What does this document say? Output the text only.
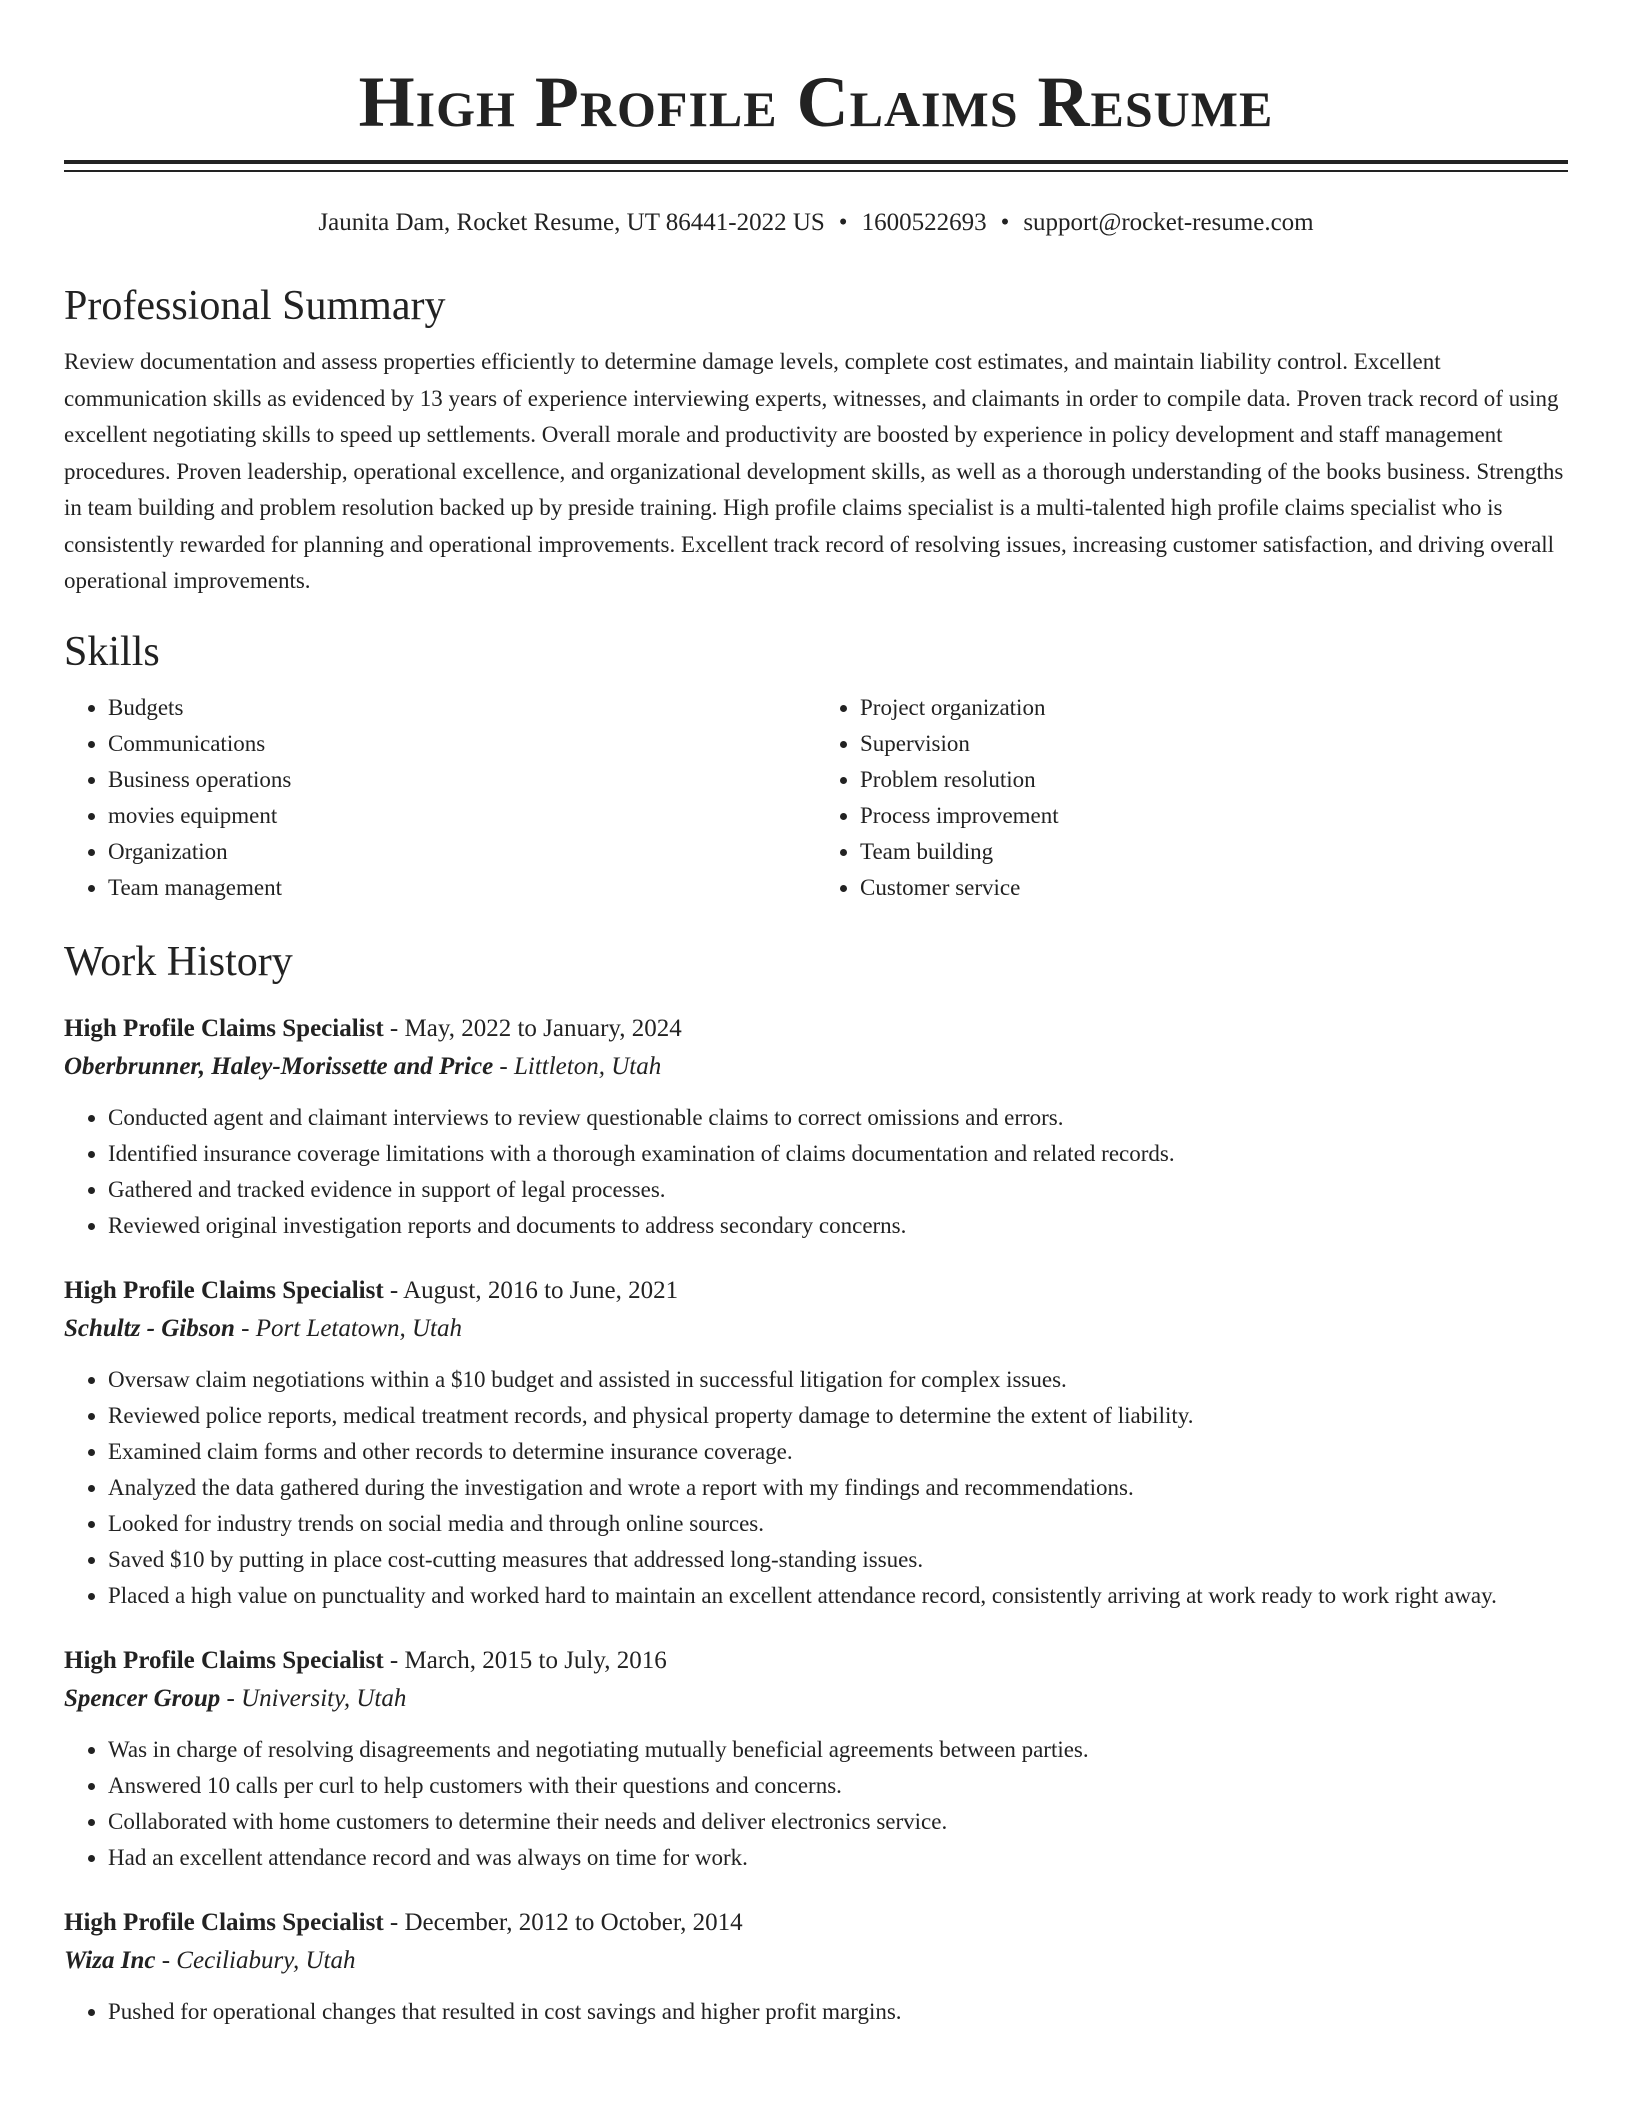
High Profile Claims Resume
Jaunita Dam, Rocket Resume, UT 86441-2022 US • 1600522693 • support@rocket-resume.com
Professional Summary
Review documentation and assess properties efficiently to determine damage levels, complete cost estimates, and maintain liability control. Excellent communication skills as evidenced by 13 years of experience interviewing experts, witnesses, and claimants in order to compile data. Proven track record of using excellent negotiating skills to speed up settlements. Overall morale and productivity are boosted by experience in policy development and staff management procedures. Proven leadership, operational excellence, and organizational development skills, as well as a thorough understanding of the books business. Strengths in team building and problem resolution backed up by preside training. High profile claims specialist is a multi-talented high profile claims specialist who is consistently rewarded for planning and operational improvements. Excellent track record of resolving issues, increasing customer satisfaction, and driving overall operational improvements.
Skills
• Budgets
• Communications
• Business operations
• movies equipment
• Organization
• Team management
• Project organization
• Supervision
• Problem resolution
• Process improvement
• Team building
• Customer service
Work History
High Profile Claims Specialist - May, 2022 to January, 2024
Oberbrunner, Haley-Morissette and Price - Littleton, Utah
• Conducted agent and claimant interviews to review questionable claims to correct omissions and errors.
• Identified insurance coverage limitations with a thorough examination of claims documentation and related records.
• Gathered and tracked evidence in support of legal processes.
• Reviewed original investigation reports and documents to address secondary concerns.
High Profile Claims Specialist - August, 2016 to June, 2021
Schultz - Gibson - Port Letatown, Utah
• Oversaw claim negotiations within a $10 budget and assisted in successful litigation for complex issues.
• Reviewed police reports, medical treatment records, and physical property damage to determine the extent of liability.
• Examined claim forms and other records to determine insurance coverage.
• Analyzed the data gathered during the investigation and wrote a report with my findings and recommendations.
• Looked for industry trends on social media and through online sources.
• Saved $10 by putting in place cost-cutting measures that addressed long-standing issues.
• Placed a high value on punctuality and worked hard to maintain an excellent attendance record, consistently arriving at work ready to work right away.
High Profile Claims Specialist - March, 2015 to July, 2016
Spencer Group - University, Utah
• Was in charge of resolving disagreements and negotiating mutually beneficial agreements between parties.
• Answered 10 calls per curl to help customers with their questions and concerns.
• Collaborated with home customers to determine their needs and deliver electronics service.
• Had an excellent attendance record and was always on time for work.
High Profile Claims Specialist - December, 2012 to October, 2014
Wiza Inc - Ceciliabury, Utah
• Pushed for operational changes that resulted in cost savings and higher profit margins.
